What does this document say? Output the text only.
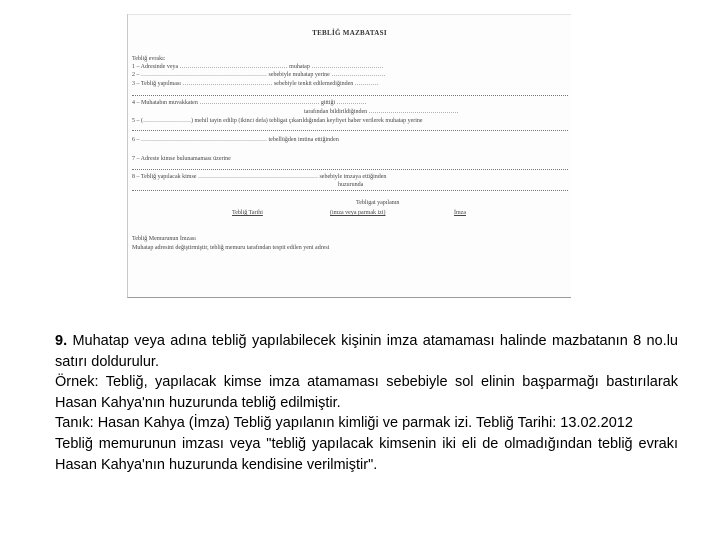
TEBLİĞ MAZBATASI
Tebliğ evrakı:
1 – Adresinde veya ……………………………………………… muhatap ………………………………
2 – ……………………………………………………… sebebiyle muhatap yerine ………………………
3 – Tebliğ yapılması ……………………………………… sebebiyle tenkit edilemediğinden …………
4 – Muhatabın muvakkaten …………………………………………………… gittiği ……………
tarafından bildirildiğinden ………………………………………
5 – (……………………) mehil tayin edilip (ikinci defa) tebligat çıkarıldığından keyfiyet haber verilerek muhatap yerine
6 – ……………………………………………………… tebellüğden imtina ettiğinden
7 – Adreste kimse bulunamaması üzerine
8 – Tebliğ yapılacak kimse …………………………………………………… sebebiyle imzaya ettiğinden
huzurunda
Tebligat yapılanın
Tebliğ Tarihi	(imza veya parmak izi)	İmza
Tebliğ Memurunun İmzası
Muhatap adresini değiştirmiştir, tebliğ memuru tarafından tespit edilen yeni adresi

9. Muhatap veya adına tebliğ yapılabilecek kişinin imza atamaması halinde mazbatanın 8 no.lu satırı doldurulur.

Örnek: Tebliğ, yapılacak kimse imza atamaması sebebiyle sol elinin başparmağı bastırılarak Hasan Kahya'nın huzurunda tebliğ edilmiştir.

Tanık: Hasan Kahya (İmza) Tebliğ yapılanın kimliği ve parmak izi. Tebliğ Tarihi: 13.02.2012

Tebliğ memurunun imzası veya "tebliğ yapılacak kimsenin iki eli de olmadığından tebliğ evrakı Hasan Kahya'nın huzurunda kendisine verilmiştir".
